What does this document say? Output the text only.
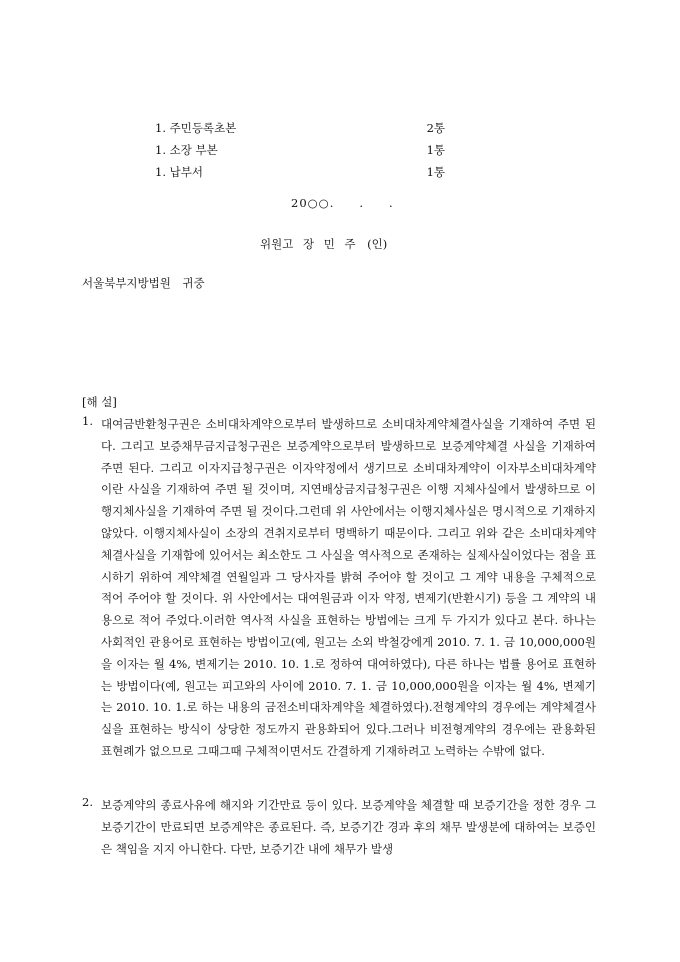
1. 주민등록초본	2통
1. 소장 부본	1통
1. 납부서	1통
20○○.　　.　　.
위원고 장 민 주　(인)
서울북부지방법원　귀중
[해 설]
1. 대여금반환청구권은 소비대차계약으로부터 발생하므로 소비대차계약체결사실을 기재하여 주면 된다. 그리고 보증채무금지급청구권은 보증계약으로부터 발생하므로 보증계약체결 사실을 기재하여 주면 된다. 그리고 이자지급청구권은 이자약정에서 생기므로 소비대차계약이 이자부소비대차계약이란 사실을 기재하여 주면 될 것이며, 지연배상금지급청구권은 이행 지체사실에서 발생하므로 이행지체사실을 기재하여 주면 될 것이다.그런데 위 사안에서는 이행지체사실은 명시적으로 기재하지 않았다. 이행지체사실이 소장의 견취지로부터 명백하기 때문이다. 그리고 위와 같은 소비대차계약체결사실을 기재함에 있어서는 최소한도 그 사실을 역사적으로 존재하는 실제사실이었다는 점을 표시하기 위하여 계약체결 연월일과 그 당사자를 밝혀 주어야 할 것이고 그 계약 내용을 구체적으로 적어 주어야 할 것이다. 위 사안에서는 대여원금과 이자 약정, 변제기(반환시기) 등을 그 계약의 내용으로 적어 주었다.이러한 역사적 사실을 표현하는 방법에는 크게 두 가지가 있다고 본다. 하나는 사회적인 관용어로 표현하는 방법이고(예, 원고는 소외 박철강에게 2010. 7. 1. 금 10,000,000원을 이자는 월 4%, 변제기는 2010. 10. 1.로 정하여 대여하였다), 다른 하나는 법률 용어로 표현하는 방법이다(예, 원고는 피고와의 사이에 2010. 7. 1. 금 10,000,000원을 이자는 월 4%, 변제기는 2010. 10. 1.로 하는 내용의 금전소비대차계약을 체결하였다).전형계약의 경우에는 계약체결사실을 표현하는 방식이 상당한 정도까지 관용화되어 있다.그러나 비전형계약의 경우에는 관용화된 표현례가 없으므로 그때그때 구체적이면서도 간결하게 기재하려고 노력하는 수밖에 없다.
2. 보증계약의 종료사유에 해지와 기간만료 등이 있다. 보증계약을 체결할 때 보증기간을 정한 경우 그 보증기간이 만료되면 보증계약은 종료된다. 즉, 보증기간 경과 후의 채무 발생분에 대하여는 보증인은 책임을 지지 아니한다. 다만, 보증기간 내에 채무가 발생
